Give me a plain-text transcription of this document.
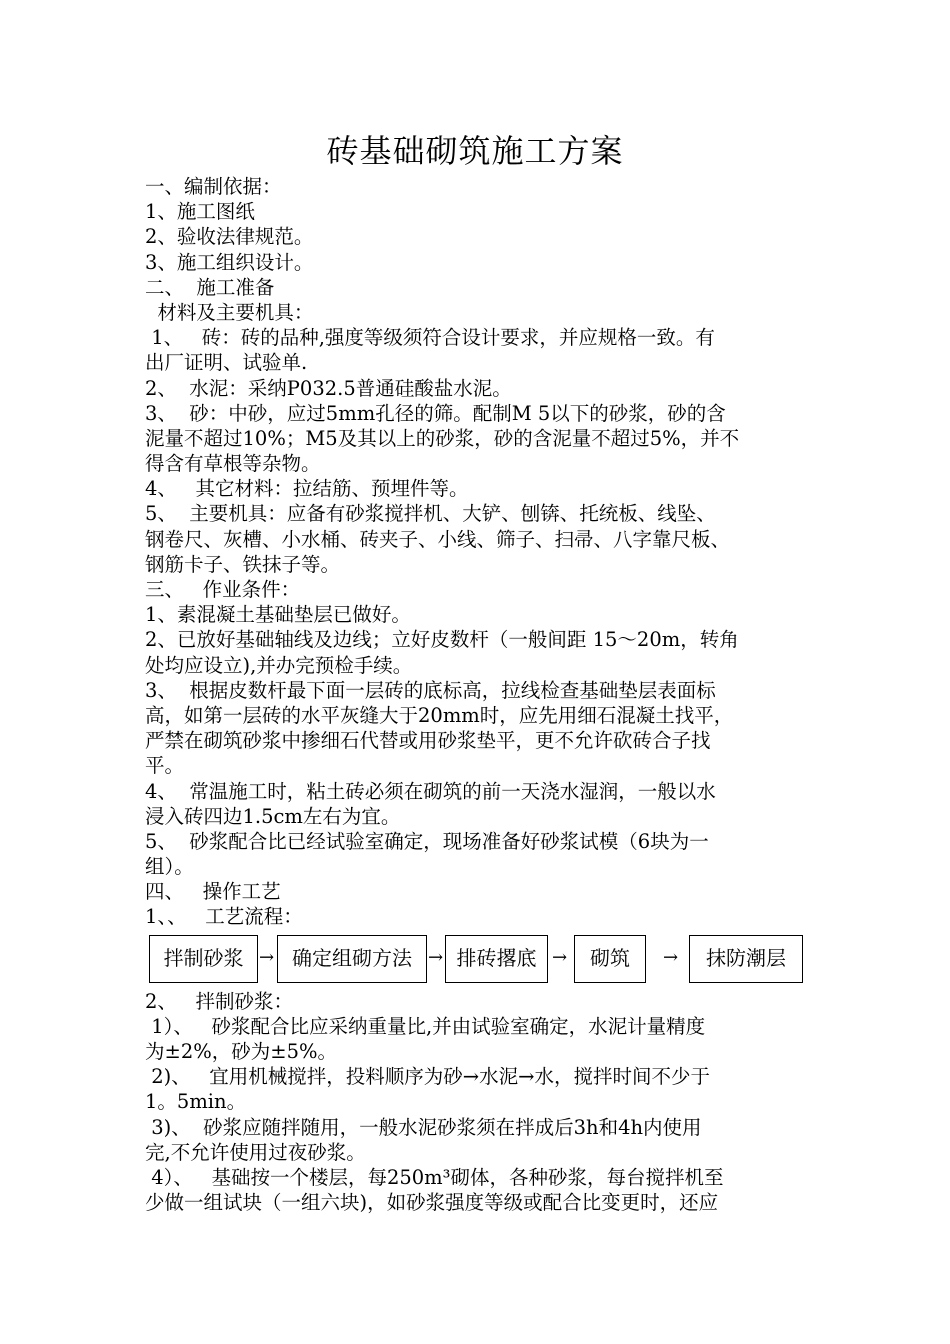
砖基础砌筑施工方案
一、编制依据：
1、施工图纸
2、验收法律规范。
3、施工组织设计。
二、  施工准备
材料及主要机具：
1、   砖：砖的品种,强度等级须符合设计要求，并应规格一致。有
出厂证明、试验单.
2、  水泥：采纳P032.5普通硅酸盐水泥。
3、  砂：中砂，应过5mm孔径的筛。配制M 5以下的砂浆，砂的含
泥量不超过10%；M5及其以上的砂浆，砂的含泥量不超过5%，并不
得含有草根等杂物。
4、   其它材料：拉结筋、预埋件等。
5、  主要机具：应备有砂浆搅拌机、大铲、刨锛、托统板、线坠、
钢卷尺、灰槽、小水桶、砖夹子、小线、筛子、扫帚、八字靠尺板、
钢筋卡子、铁抹子等。
三、   作业条件：
1、素混凝土基础垫层已做好。
2、已放好基础轴线及边线；立好皮数杆（一般间距 15～20m，转角
处均应设立),并办完预检手续。
3、  根据皮数杆最下面一层砖的底标高，拉线检查基础垫层表面标
高，如第一层砖的水平灰缝大于20mm时，应先用细石混凝土找平，
严禁在砌筑砂浆中掺细石代替或用砂浆垫平，更不允许砍砖合子找
平。
4、  常温施工时，粘土砖必须在砌筑的前一天浇水湿润，一般以水
浸入砖四边1.5cm左右为宜。
5、  砂浆配合比已经试验室确定，现场准备好砂浆试模（6块为一
组）。
四、   操作工艺
1、、   工艺流程：
拌制砂浆 → 确定组砌方法 → 排砖撂底 →	砌筑	→	抹防潮层
2、   拌制砂浆：
1）、   砂浆配合比应采纳重量比,并由试验室确定，水泥计量精度
为±2%，砂为±5%。
2)、   宜用机械搅拌，投料顺序为砂→水泥→水，搅拌时间不少于
1。5min。
3)、  砂浆应随拌随用，一般水泥砂浆须在拌成后3h和4h内使用
完,不允许使用过夜砂浆。
4）、   基础按一个楼层，每250m³砌体，各种砂浆，每台搅拌机至
少做一组试块（一组六块)，如砂浆强度等级或配合比变更时，还应
